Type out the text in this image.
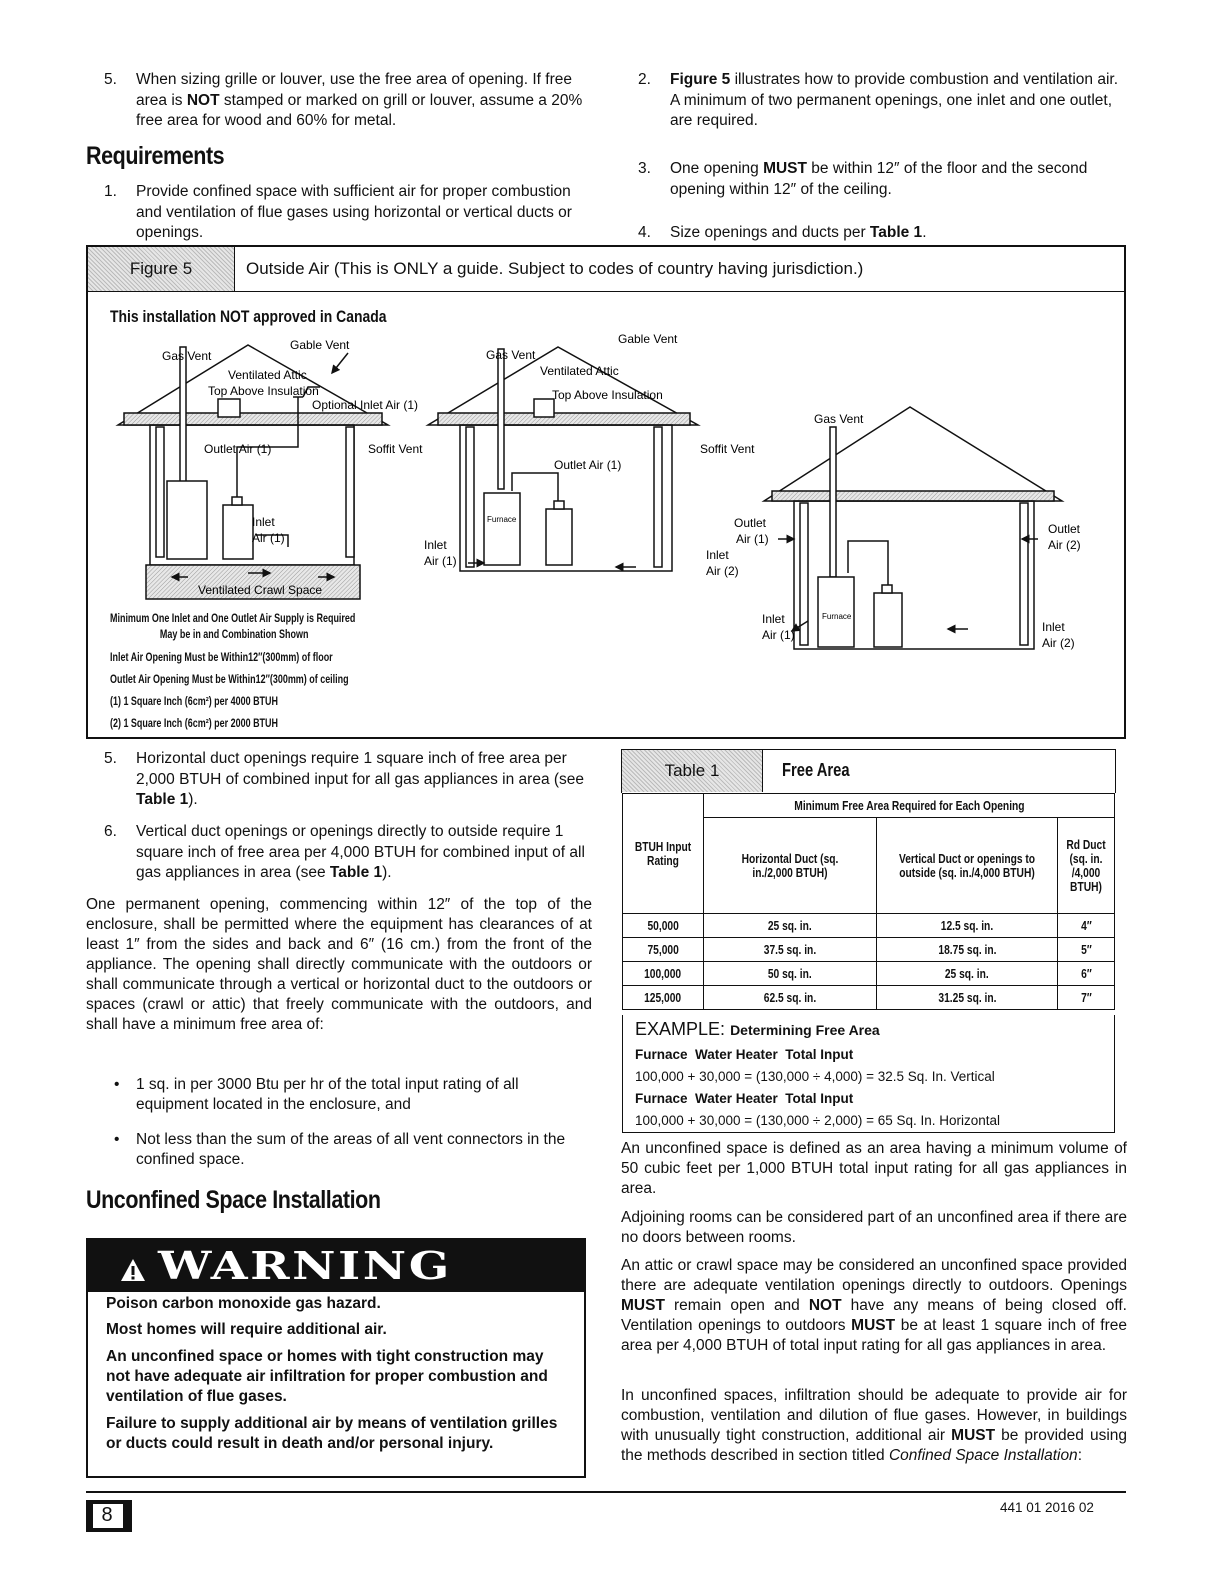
5. When sizing grille or louver, use the free area of opening. If free area is NOT stamped or marked on grill or louver, assume a 20% free area for wood and 60% for metal.
Requirements
1. Provide confined space with sufficient air for proper combustion and ventilation of flue gases using horizontal or vertical ducts or openings.
2. Figure 5 illustrates how to provide combustion and ventilation air. A minimum of two permanent openings, one inlet and one outlet, are required.
3. One opening MUST be within 12″ of the floor and the second opening within 12″ of the ceiling.
4. Size openings and ducts per Table 1.
Figure 5	Outside Air (This is ONLY a guide. Subject to codes of country having jurisdiction.)
This installation NOT approved in Canada
Gas Vent
Gable Vent
Ventilated Attic
Top Above Insulation
Optional Inlet Air (1)
Outlet Air (1)	Soffit Vent
Inlet
Air (1)
Ventilated Crawl Space
Inlet
Air (1)
Gas Vent
Gable Vent
Ventilated Attic
Top Above Insulation
Outlet Air (1)
Soffit Vent
Inlet
Air (2)
Furnace
Gas Vent
Outlet
Air (1)
Outlet
Air (2)
Inlet
Air (1)
Inlet
Air (2)
Furnace
Minimum One Inlet and One Outlet Air Supply is Required
May be in and Combination Shown
Inlet Air Opening Must be Within12″(300mm) of floor
Outlet Air Opening Must be Within12″(300mm) of ceiling
(1) 1 Square Inch (6cm²) per 4000 BTUH
(2) 1 Square Inch (6cm²) per 2000 BTUH
5. Horizontal duct openings require 1 square inch of free area per 2,000 BTUH of combined input for all gas appliances in area (see Table 1).
6. Vertical duct openings or openings directly to outside require 1 square inch of free area per 4,000 BTUH for combined input of all gas appliances in area (see Table 1).

One permanent opening, commencing within 12″ of the top of the enclosure, shall be permitted where the equipment has clearances of at least 1″ from the sides and back and 6″ (16 cm.) from the front of the appliance. The opening shall directly communicate with the outdoors or shall communicate through a vertical or horizontal duct to the outdoors or spaces (crawl or attic) that freely communicate with the outdoors, and shall have a minimum free area of:

• 1 sq. in per 3000 Btu per hr of the total input rating of all equipment located in the enclosure, and
• Not less than the sum of the areas of all vent connectors in the confined space.
Unconfined Space Installation
WARNING
Poison carbon monoxide gas hazard.
Most homes will require additional air.
An unconfined space or homes with tight construction may not have adequate air infiltration for proper combustion and ventilation of flue gases.
Failure to supply additional air by means of ventilation grilles or ducts could result in death and/or personal injury.
Table 1	Free Area
BTUH Input Rating	Minimum Free Area Required for Each Opening		
	Horizontal Duct (sq. in./2,000 BTUH)	Vertical Duct or openings to outside (sq. in./4,000 BTUH)	Rd Duct (sq. in. /4,000 BTUH)
50,000	25 sq. in.	12.5 sq. in.	4″
75,000	37.5 sq. in.	18.75 sq. in.	5″
100,000	50 sq. in.	25 sq. in.	6″
125,000	62.5 sq. in.	31.25 sq. in.	7″
EXAMPLE: Determining Free Area
Furnace  Water Heater  Total Input
100,000 + 30,000 = (130,000 ÷ 4,000) = 32.5 Sq. In. Vertical
Furnace  Water Heater  Total Input
100,000 + 30,000 = (130,000 ÷ 2,000) = 65 Sq. In. Horizontal

An unconfined space is defined as an area having a minimum volume of 50 cubic feet per 1,000 BTUH total input rating for all gas appliances in area.

Adjoining rooms can be considered part of an unconfined area if there are no doors between rooms.

An attic or crawl space may be considered an unconfined space provided there are adequate ventilation openings directly to outdoors. Openings MUST remain open and NOT have any means of being closed off. Ventilation openings to outdoors MUST be at least 1 square inch of free area per 4,000 BTUH of total input rating for all gas appliances in area.

In unconfined spaces, infiltration should be adequate to provide air for combustion, ventilation and dilution of flue gases. However, in buildings with unusually tight construction, additional air MUST be provided using the methods described in section titled Confined Space Installation:

8	441 01 2016 02
